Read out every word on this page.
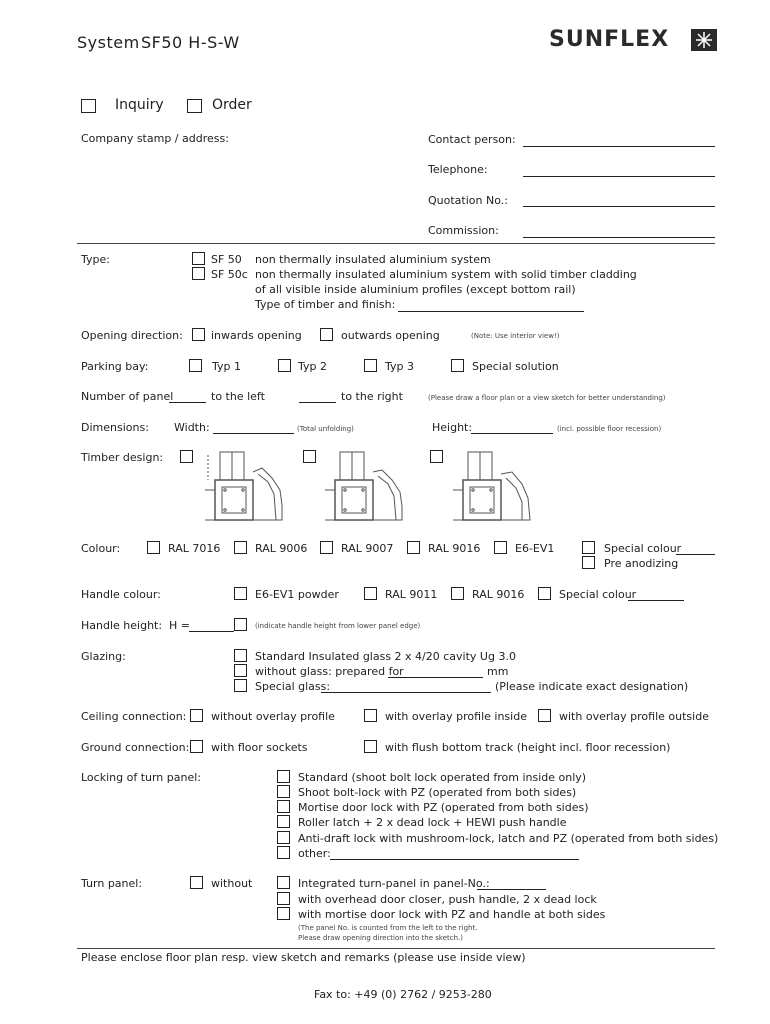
System SF50 H-S-W	SUNFLEX
Inquiry	Order
Company stamp / address:	Contact person:
Telephone:
Quotation No.:
Commission:
Type:	SF 50 non thermally insulated aluminium system
SF 50c non thermally insulated aluminium system with solid timber cladding
of all visible inside aluminium profiles (except bottom rail)
Type of timber and finish:
Opening direction:	inwards opening	outwards opening	(Note: Use interior view!)
Parking bay:	Typ 1	Typ 2	Typ 3	Special solution
Number of panel	to the left	to the right	(Please draw a floor plan or a view sketch for better understanding)
Dimensions: Width:	(Total unfolding)	Height:	(incl. possible floor recession)
Timber design:
Colour:	RAL 7016	RAL 9006	RAL 9007	RAL 9016	E6-EV1	Special colour
Pre anodizing
Handle colour:	E6-EV1 powder	RAL 9011	RAL 9016	Special colour
Handle height: H =	(indicate handle height from lower panel edge)
Glazing:	Standard Insulated glass 2 x 4/20 cavity Ug 3.0
without glass: prepared for	mm
Special glass:	(Please indicate exact designation)
Ceiling connection: without overlay profile	with overlay profile inside	with overlay profile outside
Ground connection: with floor sockets	with flush bottom track (height incl. floor recession)
Locking of turn panel:	Standard (shoot bolt lock operated from inside only)
Shoot bolt-lock with PZ (operated from both sides)
Mortise door lock with PZ (operated from both sides)
Roller latch + 2 x dead lock + HEWI push handle
Anti-draft lock with mushroom-lock, latch and PZ (operated from both sides)
other:
Turn panel:	without	Integrated turn-panel in panel-No.:
with overhead door closer, push handle, 2 x dead lock
with mortise door lock with PZ and handle at both sides
(The panel No. is counted from the left to the right.
Please draw opening direction into the sketch.)
Please enclose floor plan resp. view sketch and remarks (please use inside view)
Fax to: +49 (0) 2762 / 9253-280
